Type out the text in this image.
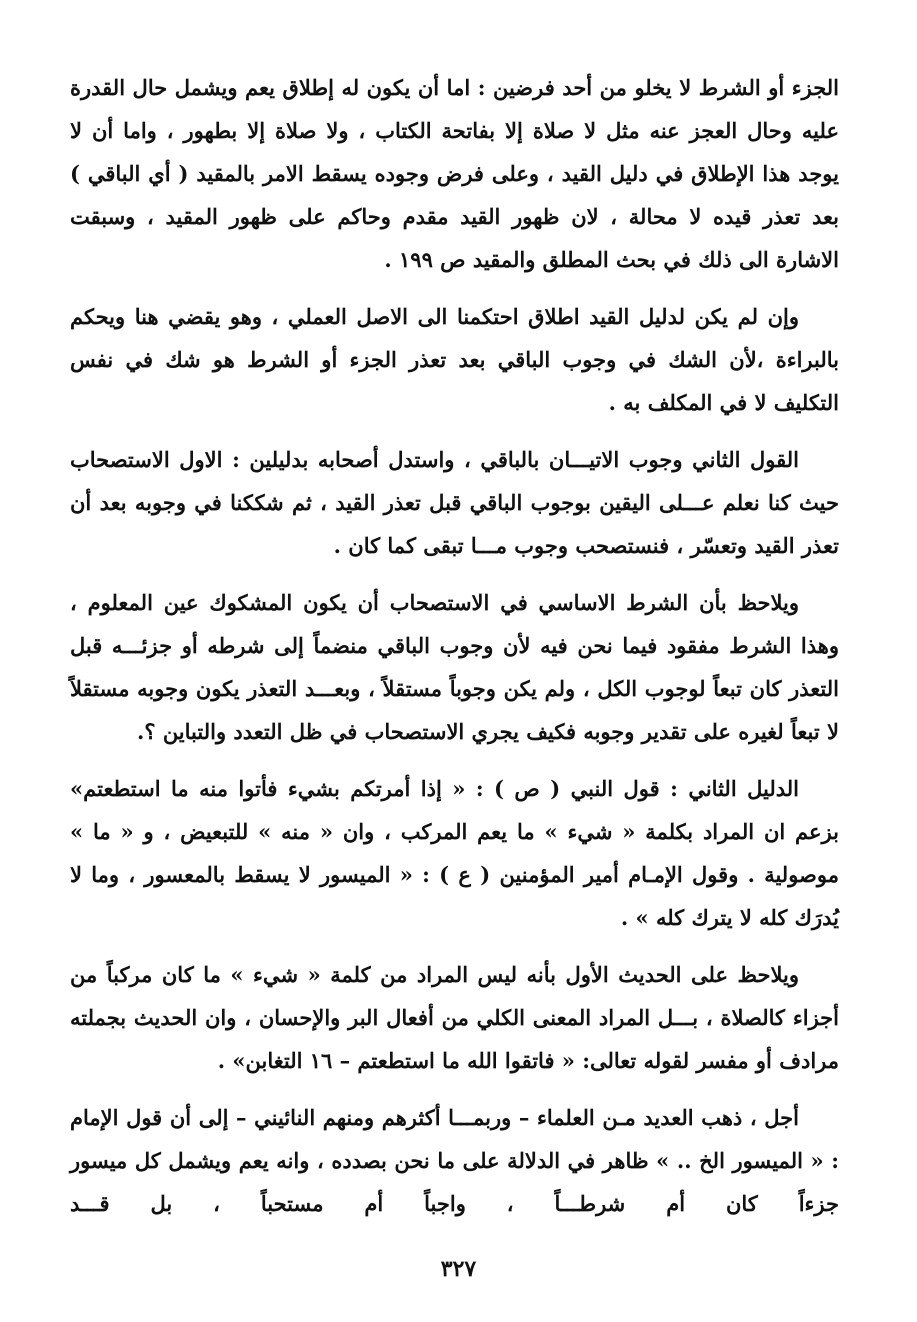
الجزء أو الشرط لا يخلو من أحد فرضين : اما أن يكون له إطلاق يعم ويشمل حال القدرة عليه وحال العجز عنه مثل لا صلاة إلا بفاتحة الكتاب ، ولا صلاة إلا بطهور ، واما أن لا يوجد هذا الإطلاق في دليل القيد ، وعلى فرض وجوده يسقط الامر بالمقيد ( أي الباقي ) بعد تعذر قيده لا محالة ، لان ظهور القيد مقدم وحاكم على ظهور المقيد ، وسبقت الاشارة الى ذلك في بحث المطلق والمقيد ص ١٩٩ .

وإن لم يكن لدليل القيد اطلاق احتكمنا الى الاصل العملي ، وهو يقضي هنا ويحكم بالبراءة ،لأن الشك في وجوب الباقي بعد تعذر الجزء أو الشرط هو شك في نفس التكليف لا في المكلف به .

القول الثاني وجوب الاتيـــان بالباقي ، واستدل أصحابه بدليلين : الاول الاستصحاب حيث كنا نعلم عـــلى اليقين بوجوب الباقي قبل تعذر القيد ، ثم شككنا في وجوبه بعد أن تعذر القيد وتعسّر ، فنستصحب وجوب مـــا تبقى كما كان .

ويلاحظ بأن الشرط الاساسي في الاستصحاب أن يكون المشكوك عين المعلوم ، وهذا الشرط مفقود فيما نحن فيه لأن وجوب الباقي منضماً إلى شرطه أو جزئـــه قبل التعذر كان تبعاً لوجوب الكل ، ولم يكن وجوباً مستقلاً ، وبعـــد التعذر يكون وجوبه مستقلاً لا تبعاً لغيره على تقدير وجوبه فكيف يجري الاستصحاب في ظل التعدد والتباين ؟.

الدليل الثاني : قول النبي ( ص ) : « إذا أمرتكم بشيء فأتوا منه ما استطعتم» بزعم ان المراد بكلمة « شيء » ما يعم المركب ، وان « منه » للتبعيض ، و « ما » موصولية . وقول الإمـام أمير المؤمنين ( ع ) : « الميسور لا يسقط بالمعسور ، وما لا يُدرَك كله لا يترك كله » .

ويلاحظ على الحديث الأول بأنه ليس المراد من كلمة « شيء » ما كان مركباً من أجزاء كالصلاة ، بـــل المراد المعنى الكلي من أفعال البر والإحسان ، وان الحديث بجملته مرادف أو مفسر لقوله تعالى: « فاتقوا الله ما استطعتم – ١٦ التغابن» .

أجل ، ذهب العديد مـن العلماء – وربمـــا أكثرهم ومنهم النائيني – إلى أن قول الإمام : « الميسور الخ .. » ظاهر في الدلالة على ما نحن بصدده ، وانه يعم ويشمل كل ميسور جزءاً كان أم شرطـــاً ، واجباً أم مستحباً ، بل قـــد

٣٢٧
